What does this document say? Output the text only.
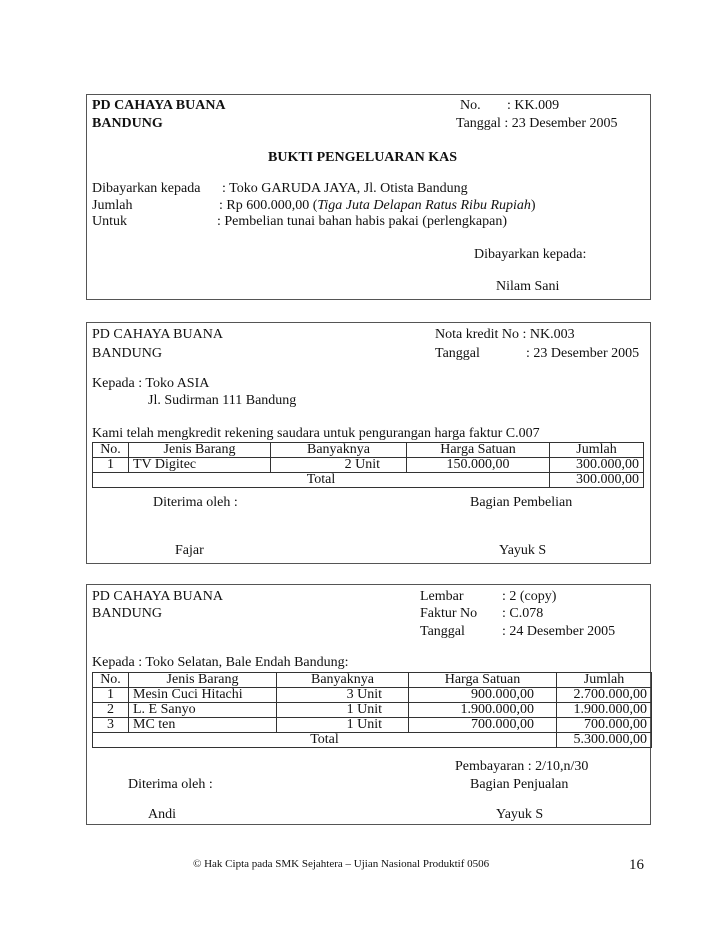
PD CAHAYA BUANA
BANDUNG
No. : KK.009
Tanggal : 23 Desember 2005
BUKTI PENGELUARAN KAS
Dibayarkan kepada : Toko GARUDA JAYA, Jl. Otista Bandung
Jumlah	: Rp 600.000,00 (Tiga Juta Delapan Ratus Ribu Rupiah)
Untuk	: Pembelian tunai bahan habis pakai (perlengkapan)
Dibayarkan kepada:
Nilam Sani
PD CAHAYA BUANA
BANDUNG
Nota kredit No : NK.003
Tanggal	: 23 Desember 2005
Kepada : Toko ASIA
Jl. Sudirman 111 Bandung
Kami telah mengkredit rekening saudara untuk pengurangan harga faktur C.007
No.	Jenis Barang	Banyaknya	Harga Satuan	Jumlah
1	TV Digitec	2 Unit	150.000,00	300.000,00
Total				300.000,00
Diterima oleh :	Bagian Pembelian
Fajar	Yayuk S
PD CAHAYA BUANA
BANDUNG
Lembar	: 2 (copy)
Faktur No : C.078
Tanggal	: 24 Desember 2005
Kepada : Toko Selatan, Bale Endah Bandung:
No.	Jenis Barang	Banyaknya	Harga Satuan	Jumlah
1	Mesin Cuci Hitachi	3 Unit	900.000,00	2.700.000,00
2	L. E Sanyo	1 Unit	1.900.000,00	1.900.000,00
3	MC ten	1 Unit	700.000,00	700.000,00
Total				5.300.000,00
Pembayaran : 2/10,n/30
Diterima oleh :	Bagian Penjualan
Andi	Yayuk S
© Hak Cipta pada SMK Sejahtera – Ujian Nasional Produktif 0506	16
